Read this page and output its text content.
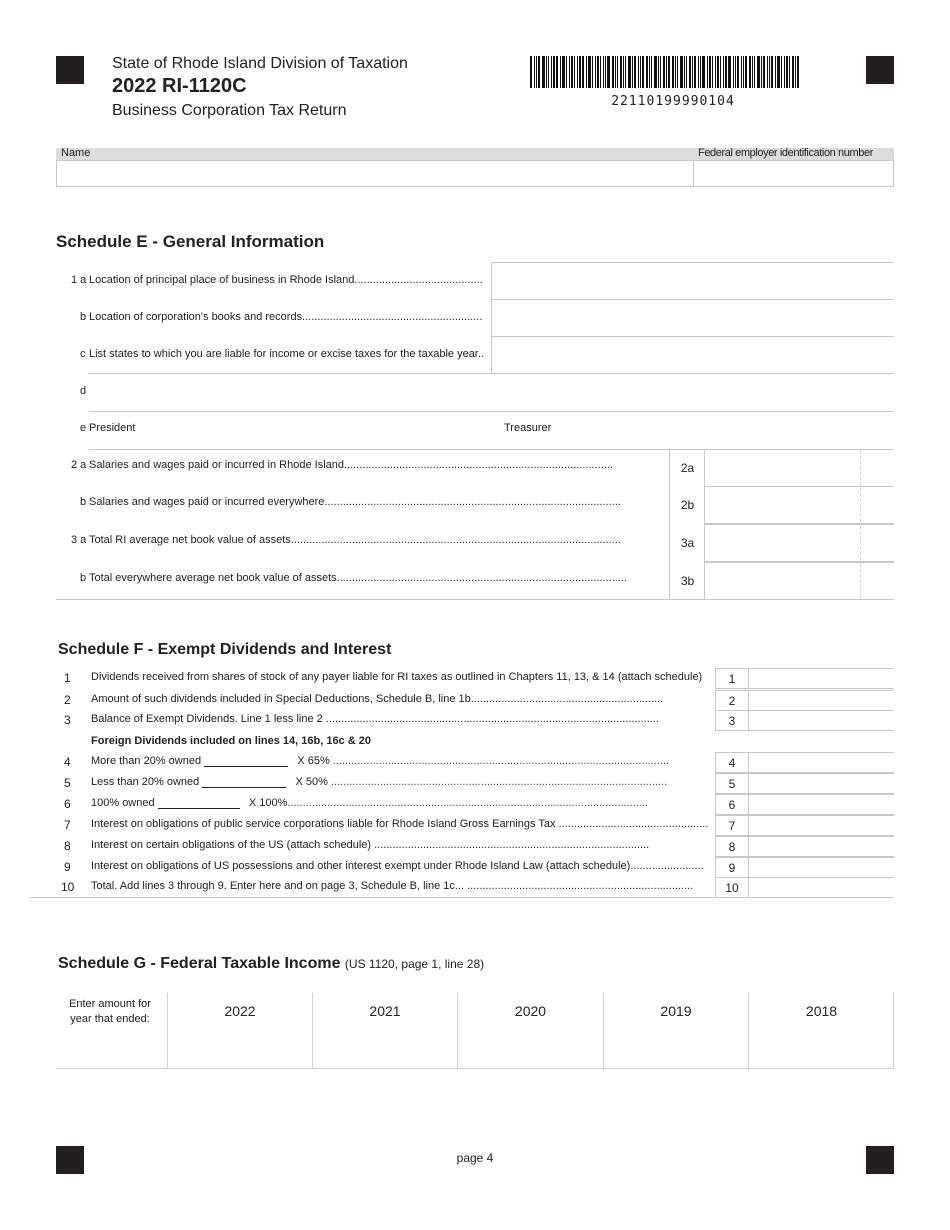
State of Rhode Island Division of Taxation
2022 RI-1120C
Business Corporation Tax Return
22110199990104
Name	Federal employer identification number
Schedule E - General Information
1 a Location of principal place of business in Rhode Island..........................................
b Location of corporation's books and records...........................................................
c List states to which you are liable for income or excise taxes for the taxable year..
d
e President	Treasurer
2 a Salaries and wages paid or incurred in Rhode Island........................................................................................	2a
b Salaries and wages paid or incurred everywhere.................................................................................................	2b
3 a Total RI average net book value of assets............................................................................................................	3a
b Total everywhere average net book value of assets...............................................................................................	3b
Schedule F - Exempt Dividends and Interest
1 Dividends received from shares of stock of any payer liable for RI taxes as outlined in Chapters 11, 13, & 14 (attach schedule)	1
2 Amount of such dividends included in Special Deductions, Schedule B, line 1b...............................................................	2
3 Balance of Exempt Dividends. Line 1 less line 2 .............................................................................................................	3
Foreign Dividends included on lines 14, 16b, 16c & 20
4 More than 20% owned	X 65% ..............................................................................................................	4
5 Less than 20% owned	X 50% ..............................................................................................................	5
6 100% owned	X 100%......................................................................................................................	6
7 Interest on obligations of public service corporations liable for Rhode Island Gross Earnings Tax .................................................	7
8 Interest on certain obligations of the US (attach schedule) ..........................................................................................	8
9 Interest on obligations of US possessions and other interest exempt under Rhode Island Law (attach schedule)........................	9
10 Total. Add lines 3 through 9. Enter here and on page 3, Schedule B, line 1c... ..........................................................................	10
Schedule G - Federal Taxable Income (US 1120, page 1, line 28)
Enter amount for year that ended:	2022	2021	2020	2019	2018
page 4
